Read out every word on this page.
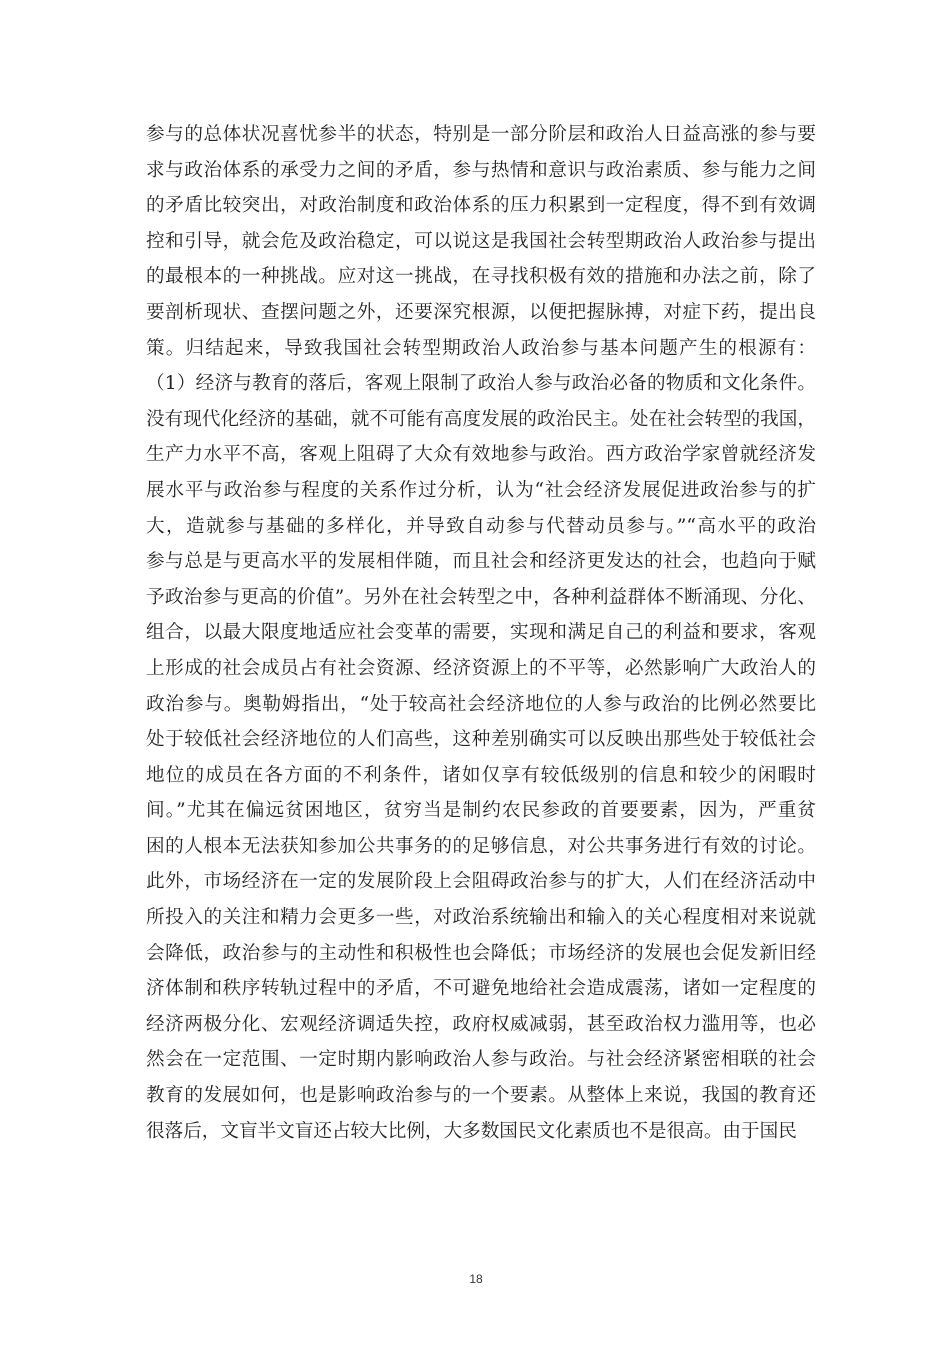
参与的总体状况喜忧参半的状态，特别是一部分阶层和政治人日益高涨的参与要
求与政治体系的承受力之间的矛盾，参与热情和意识与政治素质、参与能力之间
的矛盾比较突出，对政治制度和政治体系的压力积累到一定程度，得不到有效调
控和引导，就会危及政治稳定，可以说这是我国社会转型期政治人政治参与提出
的最根本的一种挑战。应对这一挑战，在寻找积极有效的措施和办法之前，除了
要剖析现状、查摆问题之外，还要深究根源，以便把握脉搏，对症下药，提出良
策。归结起来，导致我国社会转型期政治人政治参与基本问题产生的根源有：
（1）经济与教育的落后，客观上限制了政治人参与政治必备的物质和文化条件。
没有现代化经济的基础，就不可能有高度发展的政治民主。处在社会转型的我国，
生产力水平不高，客观上阻碍了大众有效地参与政治。西方政治学家曾就经济发
展水平与政治参与程度的关系作过分析，认为“社会经济发展促进政治参与的扩
大，造就参与基础的多样化，并导致自动参与代替动员参与。”“高水平的政治
参与总是与更高水平的发展相伴随，而且社会和经济更发达的社会，也趋向于赋
予政治参与更高的价值”。另外在社会转型之中，各种利益群体不断涌现、分化、
组合，以最大限度地适应社会变革的需要，实现和满足自己的利益和要求，客观
上形成的社会成员占有社会资源、经济资源上的不平等，必然影响广大政治人的
政治参与。奥勒姆指出，“处于较高社会经济地位的人参与政治的比例必然要比
处于较低社会经济地位的人们高些，这种差别确实可以反映出那些处于较低社会
地位的成员在各方面的不利条件，诸如仅享有较低级别的信息和较少的闲暇时
间。”尤其在偏远贫困地区，贫穷当是制约农民参政的首要要素，因为，严重贫
困的人根本无法获知参加公共事务的的足够信息，对公共事务进行有效的讨论。
此外，市场经济在一定的发展阶段上会阻碍政治参与的扩大，人们在经济活动中
所投入的关注和精力会更多一些，对政治系统输出和输入的关心程度相对来说就
会降低，政治参与的主动性和积极性也会降低；市场经济的发展也会促发新旧经
济体制和秩序转轨过程中的矛盾，不可避免地给社会造成震荡，诸如一定程度的
经济两极分化、宏观经济调适失控，政府权威减弱，甚至政治权力滥用等，也必
然会在一定范围、一定时期内影响政治人参与政治。与社会经济紧密相联的社会
教育的发展如何，也是影响政治参与的一个要素。从整体上来说，我国的教育还
很落后，文盲半文盲还占较大比例，大多数国民文化素质也不是很高。由于国民
18
